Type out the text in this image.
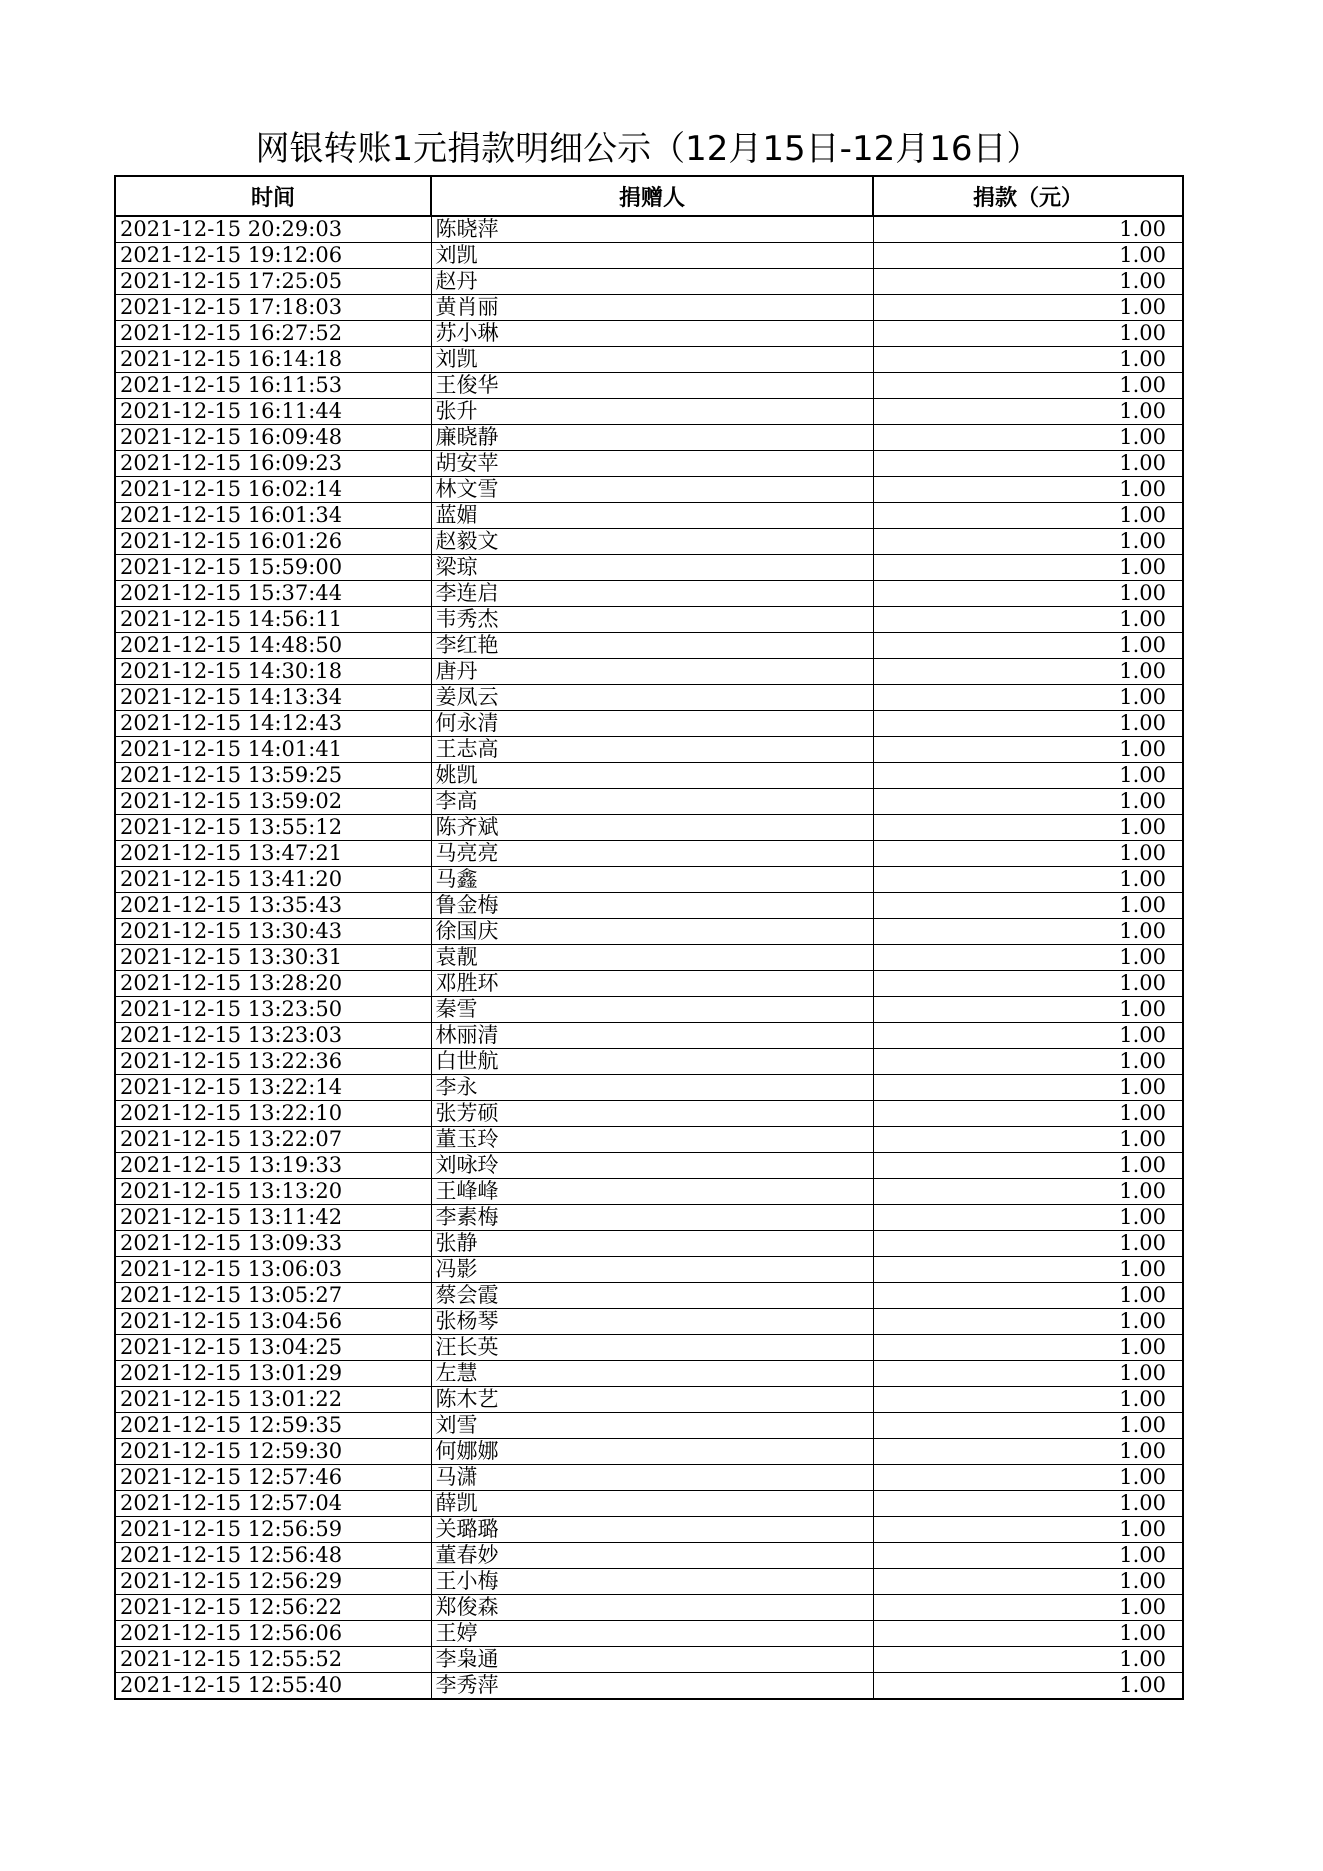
网银转账1元捐款明细公示（12月15日-12月16日）
时间	捐赠人	捐款（元）
2021-12-15 20:29:03	陈晓萍	1.00
2021-12-15 19:12:06	刘凯	1.00
2021-12-15 17:25:05	赵丹	1.00
2021-12-15 17:18:03	黄肖丽	1.00
2021-12-15 16:27:52	苏小琳	1.00
2021-12-15 16:14:18	刘凯	1.00
2021-12-15 16:11:53	王俊华	1.00
2021-12-15 16:11:44	张升	1.00
2021-12-15 16:09:48	廉晓静	1.00
2021-12-15 16:09:23	胡安苹	1.00
2021-12-15 16:02:14	林文雪	1.00
2021-12-15 16:01:34	蓝媚	1.00
2021-12-15 16:01:26	赵毅文	1.00
2021-12-15 15:59:00	梁琼	1.00
2021-12-15 15:37:44	李连启	1.00
2021-12-15 14:56:11	韦秀杰	1.00
2021-12-15 14:48:50	李红艳	1.00
2021-12-15 14:30:18	唐丹	1.00
2021-12-15 14:13:34	姜凤云	1.00
2021-12-15 14:12:43	何永清	1.00
2021-12-15 14:01:41	王志高	1.00
2021-12-15 13:59:25	姚凯	1.00
2021-12-15 13:59:02	李高	1.00
2021-12-15 13:55:12	陈齐斌	1.00
2021-12-15 13:47:21	马亮亮	1.00
2021-12-15 13:41:20	马鑫	1.00
2021-12-15 13:35:43	鲁金梅	1.00
2021-12-15 13:30:43	徐国庆	1.00
2021-12-15 13:30:31	袁靓	1.00
2021-12-15 13:28:20	邓胜环	1.00
2021-12-15 13:23:50	秦雪	1.00
2021-12-15 13:23:03	林丽清	1.00
2021-12-15 13:22:36	白世航	1.00
2021-12-15 13:22:14	李永	1.00
2021-12-15 13:22:10	张芳硕	1.00
2021-12-15 13:22:07	董玉玲	1.00
2021-12-15 13:19:33	刘咏玲	1.00
2021-12-15 13:13:20	王峰峰	1.00
2021-12-15 13:11:42	李素梅	1.00
2021-12-15 13:09:33	张静	1.00
2021-12-15 13:06:03	冯影	1.00
2021-12-15 13:05:27	蔡会霞	1.00
2021-12-15 13:04:56	张杨琴	1.00
2021-12-15 13:04:25	汪长英	1.00
2021-12-15 13:01:29	左慧	1.00
2021-12-15 13:01:22	陈木艺	1.00
2021-12-15 12:59:35	刘雪	1.00
2021-12-15 12:59:30	何娜娜	1.00
2021-12-15 12:57:46	马潇	1.00
2021-12-15 12:57:04	薛凯	1.00
2021-12-15 12:56:59	关璐璐	1.00
2021-12-15 12:56:48	董春妙	1.00
2021-12-15 12:56:29	王小梅	1.00
2021-12-15 12:56:22	郑俊森	1.00
2021-12-15 12:56:06	王婷	1.00
2021-12-15 12:55:52	李枭通	1.00
2021-12-15 12:55:40	李秀萍	1.00
